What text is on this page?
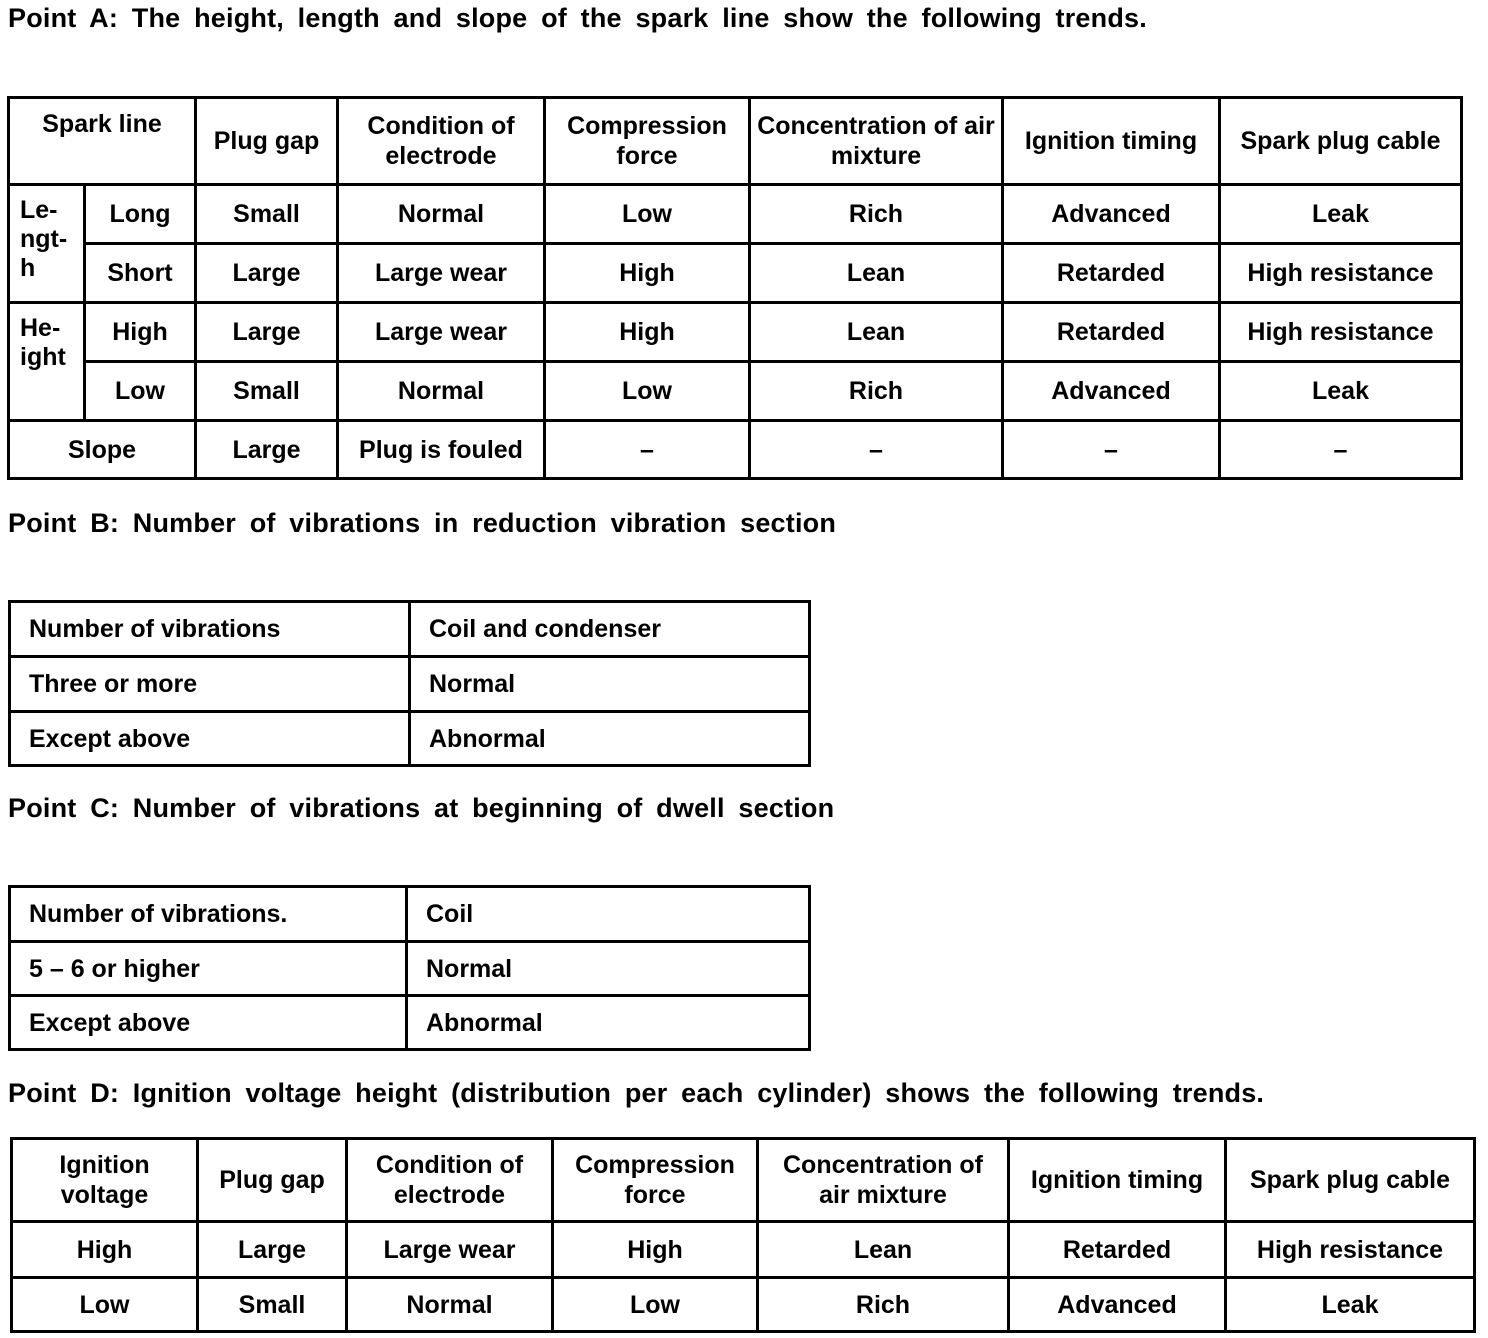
Point A: The height, length and slope of the spark line show the following trends.
Spark line		Plug gap	Condition of electrode	Compression force	Concentration of air mixture	Ignition timing	Spark plug cable
Le- ngt- h	Long	Small	Normal	Low	Rich	Advanced	Leak
	Short	Large	Large wear	High	Lean	Retarded	High resistance
He- ight	High	Large	Large wear	High	Lean	Retarded	High resistance
	Low	Small	Normal	Low	Rich	Advanced	Leak
Slope		Large	Plug is fouled	–	–	–	–
Point B: Number of vibrations in reduction vibration section
Number of vibrations	Coil and condenser
Three or more	Normal
Except above	Abnormal
Point C: Number of vibrations at beginning of dwell section
Number of vibrations.	Coil
5 – 6 or higher	Normal
Except above	Abnormal
Point D: Ignition voltage height (distribution per each cylinder) shows the following trends.
Ignition voltage	Plug gap	Condition of electrode	Compression force	Concentration of air mixture	Ignition timing	Spark plug cable
High	Large	Large wear	High	Lean	Retarded	High resistance
Low	Small	Normal	Low	Rich	Advanced	Leak
